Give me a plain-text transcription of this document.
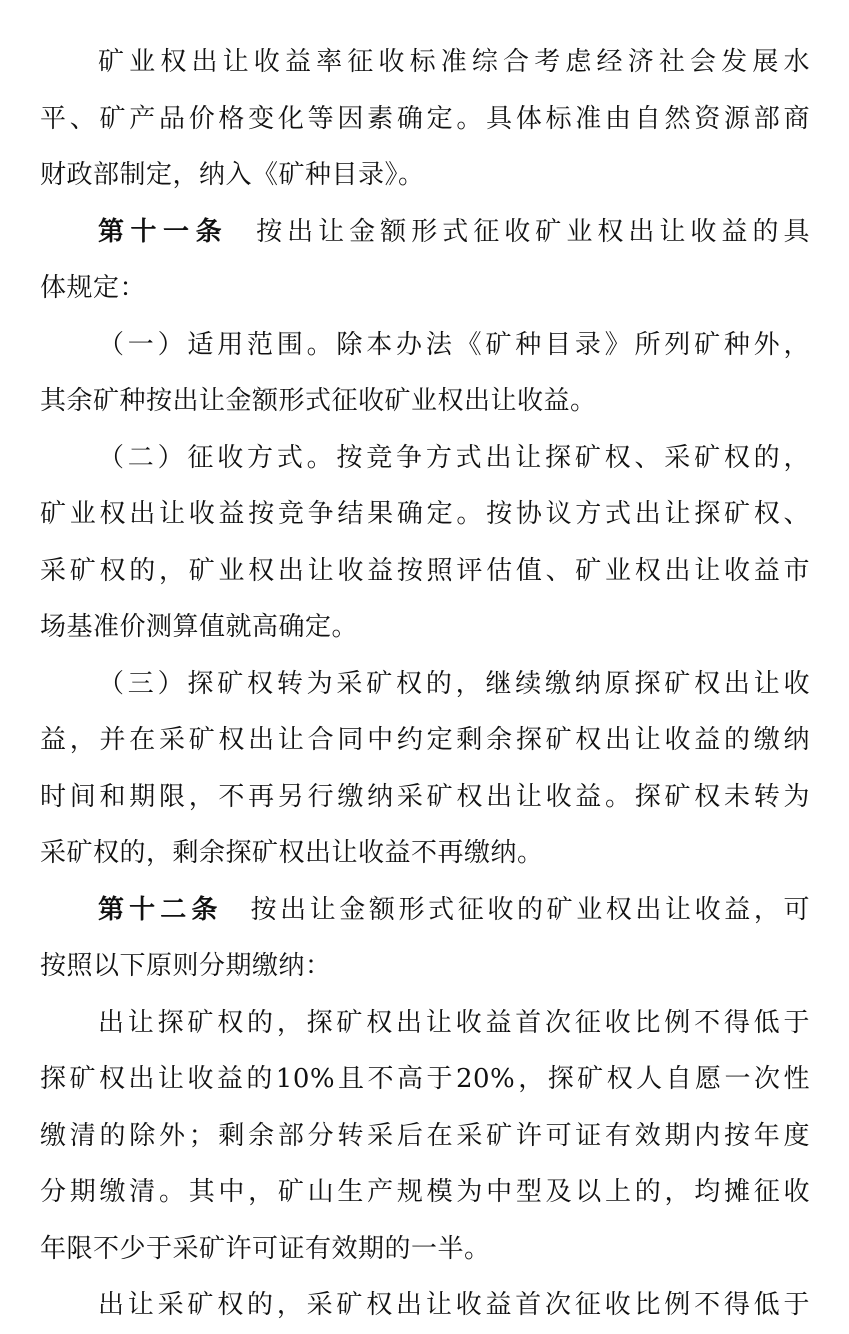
矿业权出让收益率征收标准综合考虑经济社会发展水
平、矿产品价格变化等因素确定。具体标准由自然资源部商
财政部制定，纳入《矿种目录》。
第十一条 按出让金额形式征收矿业权出让收益的具
体规定：
（一）适用范围。除本办法《矿种目录》所列矿种外，
其余矿种按出让金额形式征收矿业权出让收益。
（二）征收方式。按竞争方式出让探矿权、采矿权的，
矿业权出让收益按竞争结果确定。按协议方式出让探矿权、
采矿权的，矿业权出让收益按照评估值、矿业权出让收益市
场基准价测算值就高确定。
（三）探矿权转为采矿权的，继续缴纳原探矿权出让收
益，并在采矿权出让合同中约定剩余探矿权出让收益的缴纳
时间和期限，不再另行缴纳采矿权出让收益。探矿权未转为
采矿权的，剩余探矿权出让收益不再缴纳。
第十二条 按出让金额形式征收的矿业权出让收益，可
按照以下原则分期缴纳：
出让探矿权的，探矿权出让收益首次征收比例不得低于
探矿权出让收益的10%且不高于20%，探矿权人自愿一次性
缴清的除外；剩余部分转采后在采矿许可证有效期内按年度
分期缴清。其中，矿山生产规模为中型及以上的，均摊征收
年限不少于采矿许可证有效期的一半。
出让采矿权的，采矿权出让收益首次征收比例不得低于
